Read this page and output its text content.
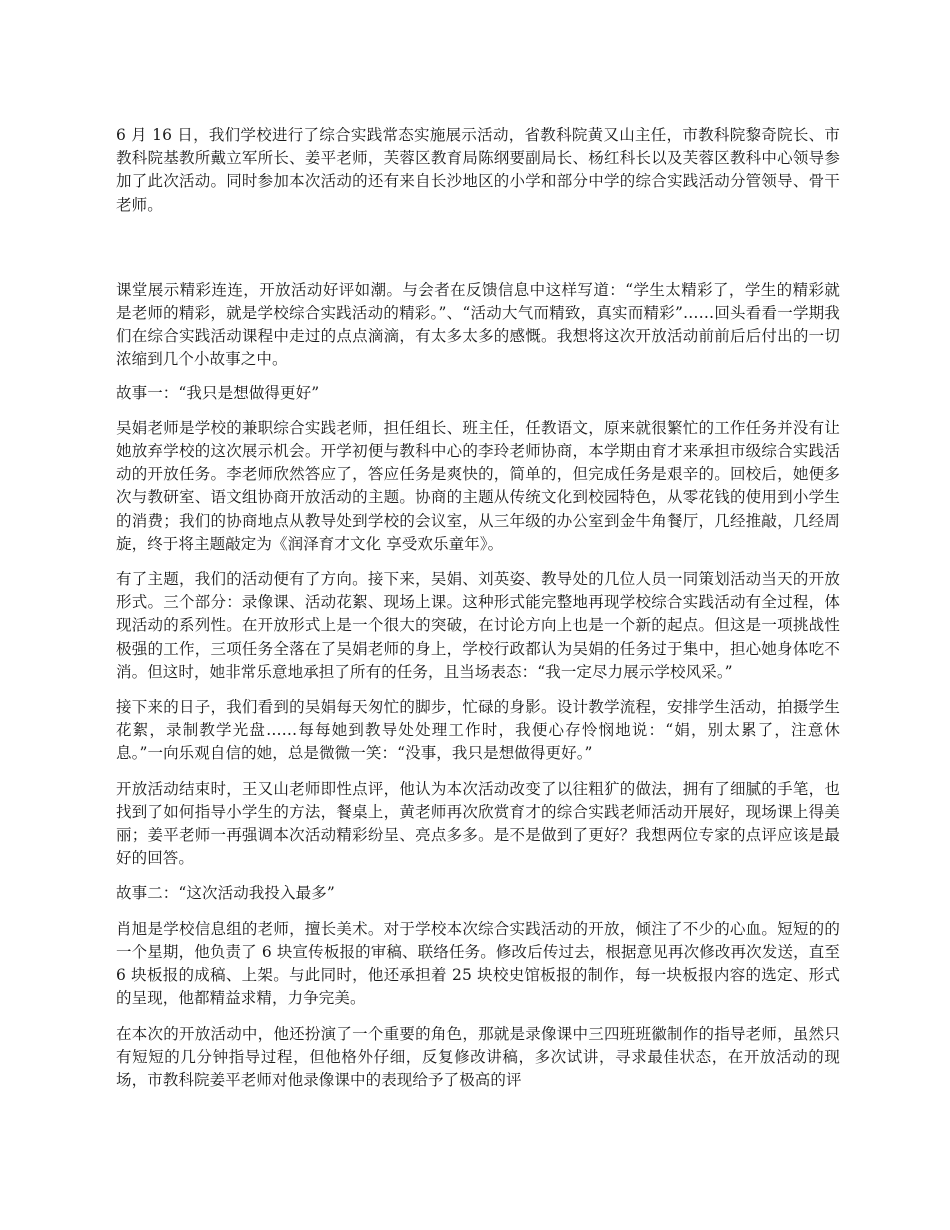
6 月 16 日，我们学校进行了综合实践常态实施展示活动，省教科院黄又山主任，市教科院黎奇院长、市教科院基教所戴立军所长、姜平老师，芙蓉区教育局陈纲要副局长、杨红科长以及芙蓉区教科中心领导参加了此次活动。同时参加本次活动的还有来自长沙地区的小学和部分中学的综合实践活动分管领导、骨干老师。

课堂展示精彩连连，开放活动好评如潮。与会者在反馈信息中这样写道：“学生太精彩了，学生的精彩就是老师的精彩，就是学校综合实践活动的精彩。”、“活动大气而精致，真实而精彩”……回头看看一学期我们在综合实践活动课程中走过的点点滴滴，有太多太多的感慨。我想将这次开放活动前前后后付出的一切浓缩到几个小故事之中。

故事一：“我只是想做得更好”

吴娟老师是学校的兼职综合实践老师，担任组长、班主任，任教语文，原来就很繁忙的工作任务并没有让她放弃学校的这次展示机会。开学初便与教科中心的李玲老师协商，本学期由育才来承担市级综合实践活动的开放任务。李老师欣然答应了，答应任务是爽快的，简单的，但完成任务是艰辛的。回校后，她便多次与教研室、语文组协商开放活动的主题。协商的主题从传统文化到校园特色，从零花钱的使用到小学生的消费；我们的协商地点从教导处到学校的会议室，从三年级的办公室到金牛角餐厅，几经推敲，几经周旋，终于将主题敲定为《润泽育才文化 享受欢乐童年》。

有了主题，我们的活动便有了方向。接下来，吴娟、刘英姿、教导处的几位人员一同策划活动当天的开放形式。三个部分：录像课、活动花絮、现场上课。这种形式能完整地再现学校综合实践活动有全过程，体现活动的系列性。在开放形式上是一个很大的突破，在讨论方向上也是一个新的起点。但这是一项挑战性极强的工作，三项任务全落在了吴娟老师的身上，学校行政都认为吴娟的任务过于集中，担心她身体吃不消。但这时，她非常乐意地承担了所有的任务，且当场表态：“我一定尽力展示学校风采。”

接下来的日子，我们看到的吴娟每天匆忙的脚步，忙碌的身影。设计教学流程，安排学生活动，拍摄学生花絮，录制教学光盘……每每她到教导处处理工作时，我便心存怜悯地说：“娟，别太累了，注意休息。”一向乐观自信的她，总是微微一笑：“没事，我只是想做得更好。”

开放活动结束时，王又山老师即性点评，他认为本次活动改变了以往粗犷的做法，拥有了细腻的手笔，也找到了如何指导小学生的方法，餐桌上，黄老师再次欣赏育才的综合实践老师活动开展好，现场课上得美丽；姜平老师一再强调本次活动精彩纷呈、亮点多多。是不是做到了更好？我想两位专家的点评应该是最好的回答。

故事二：“这次活动我投入最多”

肖旭是学校信息组的老师，擅长美术。对于学校本次综合实践活动的开放，倾注了不少的心血。短短的的一个星期，他负责了 6 块宣传板报的审稿、联络任务。修改后传过去，根据意见再次修改再次发送，直至 6 块板报的成稿、上架。与此同时，他还承担着 25 块校史馆板报的制作，每一块板报内容的选定、形式的呈现，他都精益求精，力争完美。

在本次的开放活动中，他还扮演了一个重要的角色，那就是录像课中三四班班徽制作的指导老师，虽然只有短短的几分钟指导过程，但他格外仔细，反复修改讲稿，多次试讲，寻求最佳状态，在开放活动的现场，市教科院姜平老师对他录像课中的表现给予了极高的评
